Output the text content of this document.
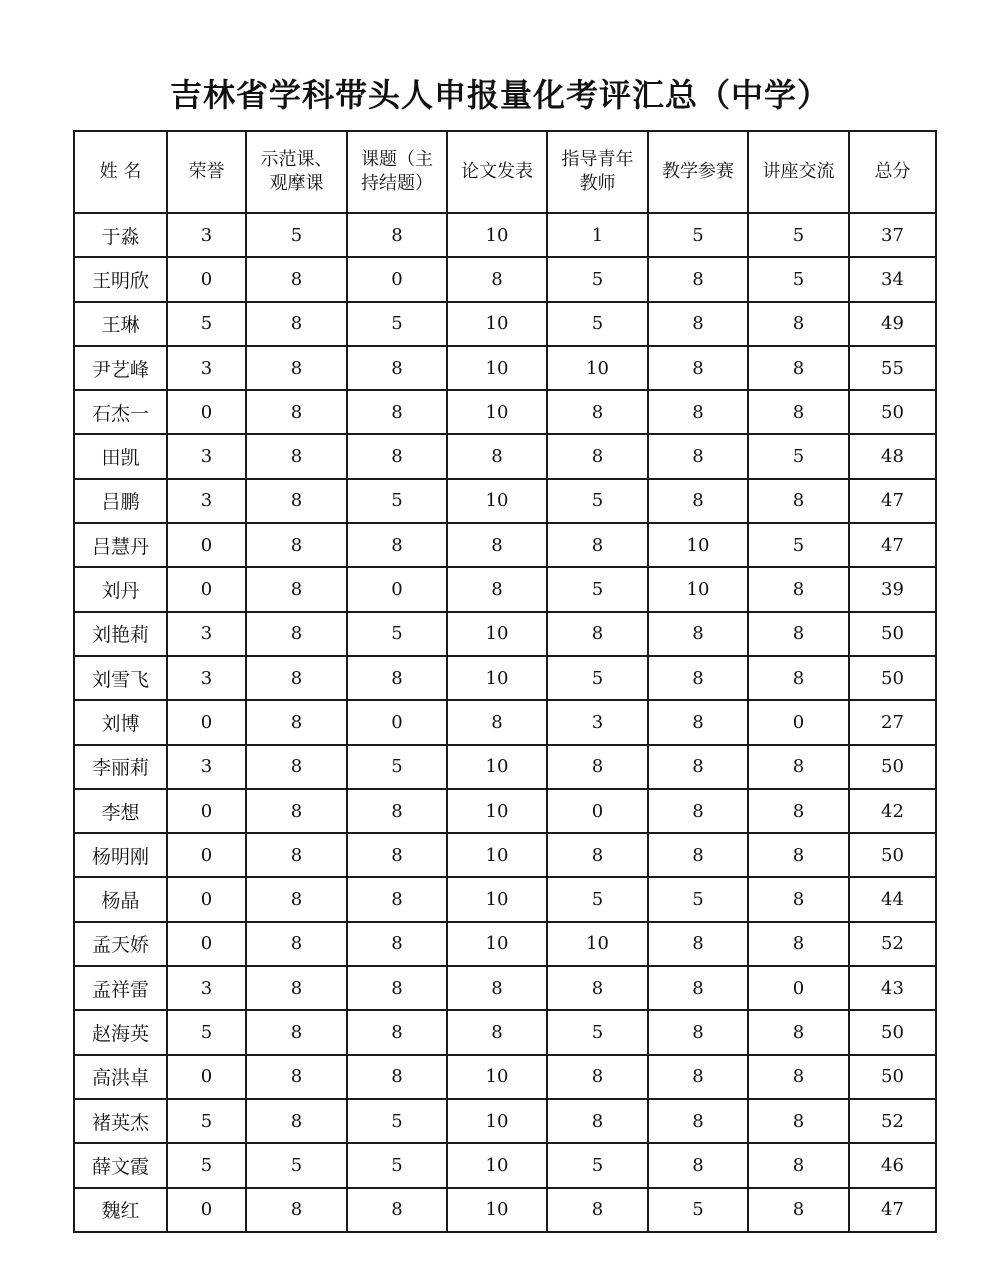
吉林省学科带头人申报量化考评汇总（中学）
姓 名	荣誉	示范课、观摩课	课题（主持结题）	论文发表	指导青年教师	教学参赛	讲座交流	总分
于淼	3	5	8	10	1	5	5	37
王明欣	0	8	0	8	5	8	5	34
王琳	5	8	5	10	5	8	8	49
尹艺峰	3	8	8	10	10	8	8	55
石杰一	0	8	8	10	8	8	8	50
田凯	3	8	8	8	8	8	5	48
吕鹏	3	8	5	10	5	8	8	47
吕慧丹	0	8	8	8	8	10	5	47
刘丹	0	8	0	8	5	10	8	39
刘艳莉	3	8	5	10	8	8	8	50
刘雪飞	3	8	8	10	5	8	8	50
刘博	0	8	0	8	3	8	0	27
李丽莉	3	8	5	10	8	8	8	50
李想	0	8	8	10	0	8	8	42
杨明刚	0	8	8	10	8	8	8	50
杨晶	0	8	8	10	5	5	8	44
孟天娇	0	8	8	10	10	8	8	52
孟祥雷	3	8	8	8	8	8	0	43
赵海英	5	8	8	8	5	8	8	50
高洪卓	0	8	8	10	8	8	8	50
褚英杰	5	8	5	10	8	8	8	52
薛文霞	5	5	5	10	5	8	8	46
魏红	0	8	8	10	8	5	8	47
